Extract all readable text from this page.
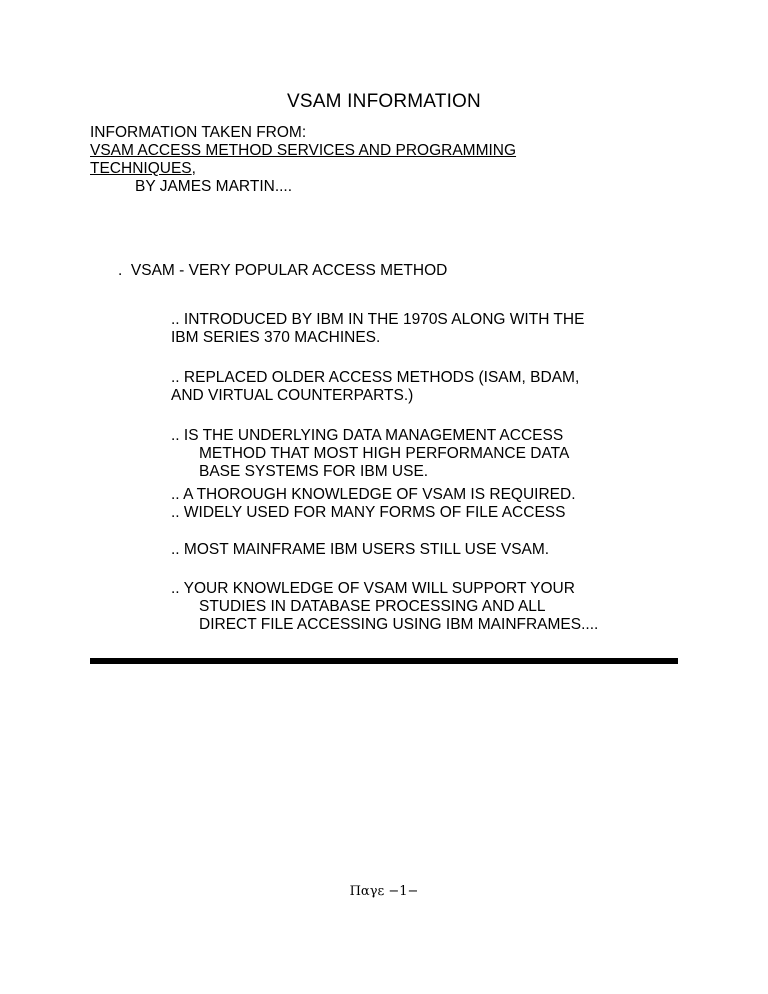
VSAM INFORMATION
INFORMATION TAKEN FROM:
VSAM ACCESS METHOD SERVICES AND PROGRAMMING
TECHNIQUES,
BY JAMES MARTIN....
.  VSAM - VERY POPULAR ACCESS METHOD
.. INTRODUCED BY IBM IN THE 1970S ALONG WITH THE
IBM SERIES 370 MACHINES.
.. REPLACED OLDER ACCESS METHODS (ISAM, BDAM,
AND VIRTUAL COUNTERPARTS.)
.. IS THE UNDERLYING DATA MANAGEMENT ACCESS
METHOD THAT MOST HIGH PERFORMANCE DATA
BASE SYSTEMS FOR IBM USE.
.. A THOROUGH KNOWLEDGE OF VSAM IS REQUIRED.
.. WIDELY USED FOR MANY FORMS OF FILE ACCESS
.. MOST MAINFRAME IBM USERS STILL USE VSAM.
.. YOUR KNOWLEDGE OF VSAM WILL SUPPORT YOUR
STUDIES IN DATABASE PROCESSING AND ALL
DIRECT FILE ACCESSING USING IBM MAINFRAMES....
Παγε −1−
